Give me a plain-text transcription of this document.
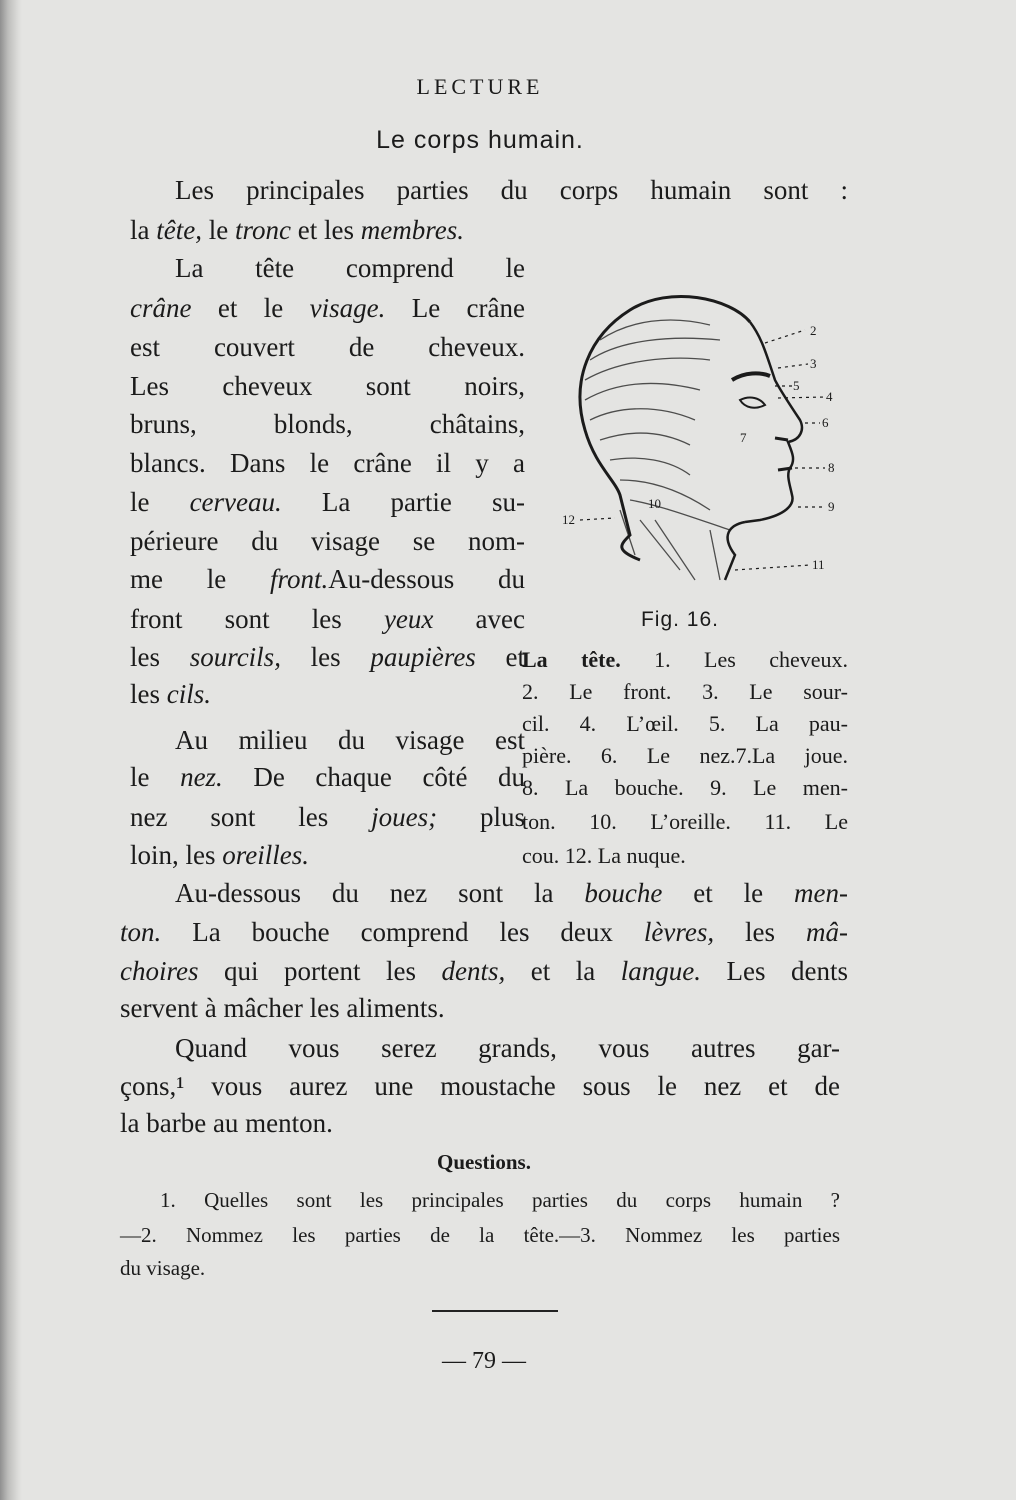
LECTURE
Le corps humain.
Les principales parties du corps humain sont :
la tête, le tronc et les membres.
La tête comprend le
crâne et le visage. Le crâne
est couvert de cheveux.
Les cheveux sont noirs,
bruns, blonds, châtains,
blancs. Dans le crâne il y a
le cerveau. La partie su-
périeure du visage se nom-
me le front.Au-dessous du
front sont les yeux avec
les sourcils, les paupières et
les cils.
Au milieu du visage est
le nez. De chaque côté du
nez sont les joues; plus
loin, les oreilles.
Au-dessous du nez sont la bouche et le men-
ton. La bouche comprend les deux lèvres, les mâ-
choires qui portent les dents, et la langue. Les dents
servent à mâcher les aliments.
Quand vous serez grands, vous autres gar-
çons,¹ vous aurez une moustache sous le nez et de
la barbe au menton.
2
3
5
4
6
7
8
9
10
11
12
Fig. 16.
La tête. 1. Les cheveux.
2. Le front. 3. Le sour-
cil. 4. L’œil. 5. La pau-
pière. 6. Le nez.7.La joue.
8. La bouche. 9. Le men-
ton. 10. L’oreille. 11. Le
cou. 12. La nuque.
Questions.
1. Quelles sont les principales parties du corps humain ?
—2. Nommez les parties de la tête.—3. Nommez les parties
du visage.
— 79 —
